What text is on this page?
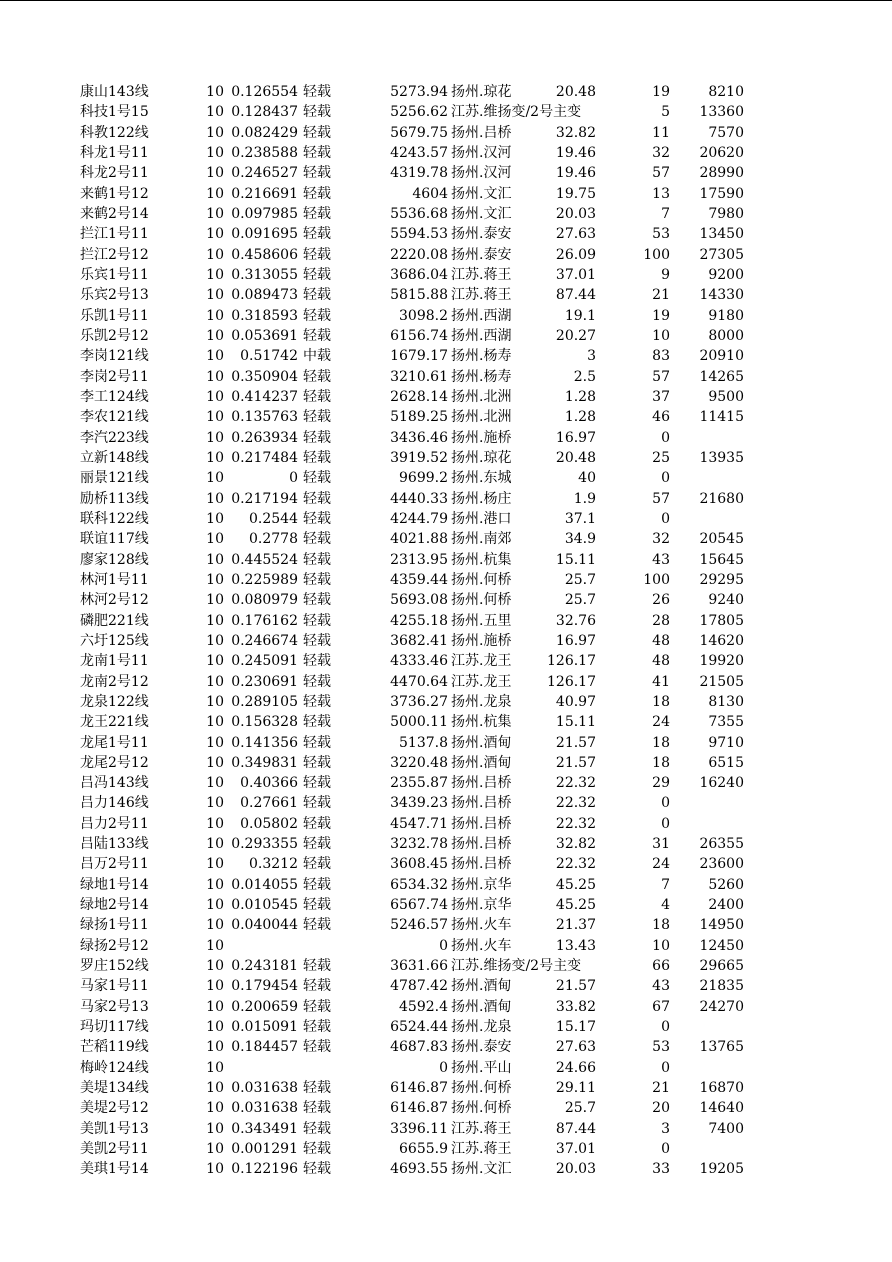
康山143线	10 0.126554 轻载	5273.94 扬州.琼花	20.48	19	8210
科技1号15	10 0.128437 轻载	5256.62 江苏.维扬变/2号主变	5	13360
科教122线	10 0.082429 轻载	5679.75 扬州.吕桥	32.82	11	7570
科龙1号11	10 0.238588 轻载	4243.57 扬州.汉河	19.46	32	20620
科龙2号11	10 0.246527 轻载	4319.78 扬州.汉河	19.46	57	28990
来鹤1号12	10 0.216691 轻载	4604 扬州.文汇	19.75	13	17590
来鹤2号14	10 0.097985 轻载	5536.68 扬州.文汇	20.03	7	7980
拦江1号11	10 0.091695 轻载	5594.53 扬州.泰安	27.63	53	13450
拦江2号12	10 0.458606 轻载	2220.08 扬州.泰安	26.09	100	27305
乐宾1号11	10 0.313055 轻载	3686.04 江苏.蒋王	37.01	9	9200
乐宾2号13	10 0.089473 轻载	5815.88 江苏.蒋王	87.44	21	14330
乐凯1号11	10 0.318593 轻载	3098.2 扬州.西湖	19.1	19	9180
乐凯2号12	10 0.053691 轻载	6156.74 扬州.西湖	20.27	10	8000
李岗121线	10	0.51742 中载	1679.17 扬州.杨寿	3	83	20910
李岗2号11	10 0.350904 轻载	3210.61 扬州.杨寿	2.5	57	14265
李工124线	10 0.414237 轻载	2628.14 扬州.北洲	1.28	37	9500
李农121线	10 0.135763 轻载	5189.25 扬州.北洲	1.28	46	11415
李汽223线	10 0.263934 轻载	3436.46 扬州.施桥	16.97	0
立新148线	10 0.217484 轻载	3919.52 扬州.琼花	20.48	25	13935
丽景121线	10	0 轻载	9699.2 扬州.东城	40	0
励桥113线	10 0.217194 轻载	4440.33 扬州.杨庄	1.9	57	21680
联科122线	10	0.2544 轻载	4244.79 扬州.港口	37.1	0
联谊117线	10	0.2778 轻载	4021.88 扬州.南郊	34.9	32	20545
廖家128线	10 0.445524 轻载	2313.95 扬州.杭集	15.11	43	15645
林河1号11	10 0.225989 轻载	4359.44 扬州.何桥	25.7	100	29295
林河2号12	10 0.080979 轻载	5693.08 扬州.何桥	25.7	26	9240
磷肥221线	10 0.176162 轻载	4255.18 扬州.五里	32.76	28	17805
六圩125线	10 0.246674 轻载	3682.41 扬州.施桥	16.97	48	14620
龙南1号11	10 0.245091 轻载	4333.46 江苏.龙王	126.17	48	19920
龙南2号12	10 0.230691 轻载	4470.64 江苏.龙王	126.17	41	21505
龙泉122线	10 0.289105 轻载	3736.27 扬州.龙泉	40.97	18	8130
龙王221线	10 0.156328 轻载	5000.11 扬州.杭集	15.11	24	7355
龙尾1号11	10 0.141356 轻载	5137.8 扬州.酒甸	21.57	18	9710
龙尾2号12	10 0.349831 轻载	3220.48 扬州.酒甸	21.57	18	6515
吕冯143线	10	0.40366 轻载	2355.87 扬州.吕桥	22.32	29	16240
吕力146线	10	0.27661 轻载	3439.23 扬州.吕桥	22.32	0
吕力2号11	10	0.05802 轻载	4547.71 扬州.吕桥	22.32	0
吕陆133线	10 0.293355 轻载	3232.78 扬州.吕桥	32.82	31	26355
吕万2号11	10	0.3212 轻载	3608.45 扬州.吕桥	22.32	24	23600
绿地1号14	10 0.014055 轻载	6534.32 扬州.京华	45.25	7	5260
绿地2号14	10 0.010545 轻载	6567.74 扬州.京华	45.25	4	2400
绿扬1号11	10 0.040044 轻载	5246.57 扬州.火车	21.37	18	14950
绿扬2号12	10	0 扬州.火车	13.43	10	12450
罗庄152线	10 0.243181 轻载	3631.66 江苏.维扬变/2号主变	66	29665
马家1号11	10 0.179454 轻载	4787.42 扬州.酒甸	21.57	43	21835
马家2号13	10 0.200659 轻载	4592.4 扬州.酒甸	33.82	67	24270
玛切117线	10 0.015091 轻载	6524.44 扬州.龙泉	15.17	0
芒稻119线	10 0.184457 轻载	4687.83 扬州.泰安	27.63	53	13765
梅岭124线	10	0 扬州.平山	24.66	0
美堤134线	10 0.031638 轻载	6146.87 扬州.何桥	29.11	21	16870
美堤2号12	10 0.031638 轻载	6146.87 扬州.何桥	25.7	20	14640
美凯1号13	10 0.343491 轻载	3396.11 江苏.蒋王	87.44	3	7400
美凯2号11	10 0.001291 轻载	6655.9 江苏.蒋王	37.01	0
美琪1号14	10 0.122196 轻载	4693.55 扬州.文汇	20.03	33	19205
